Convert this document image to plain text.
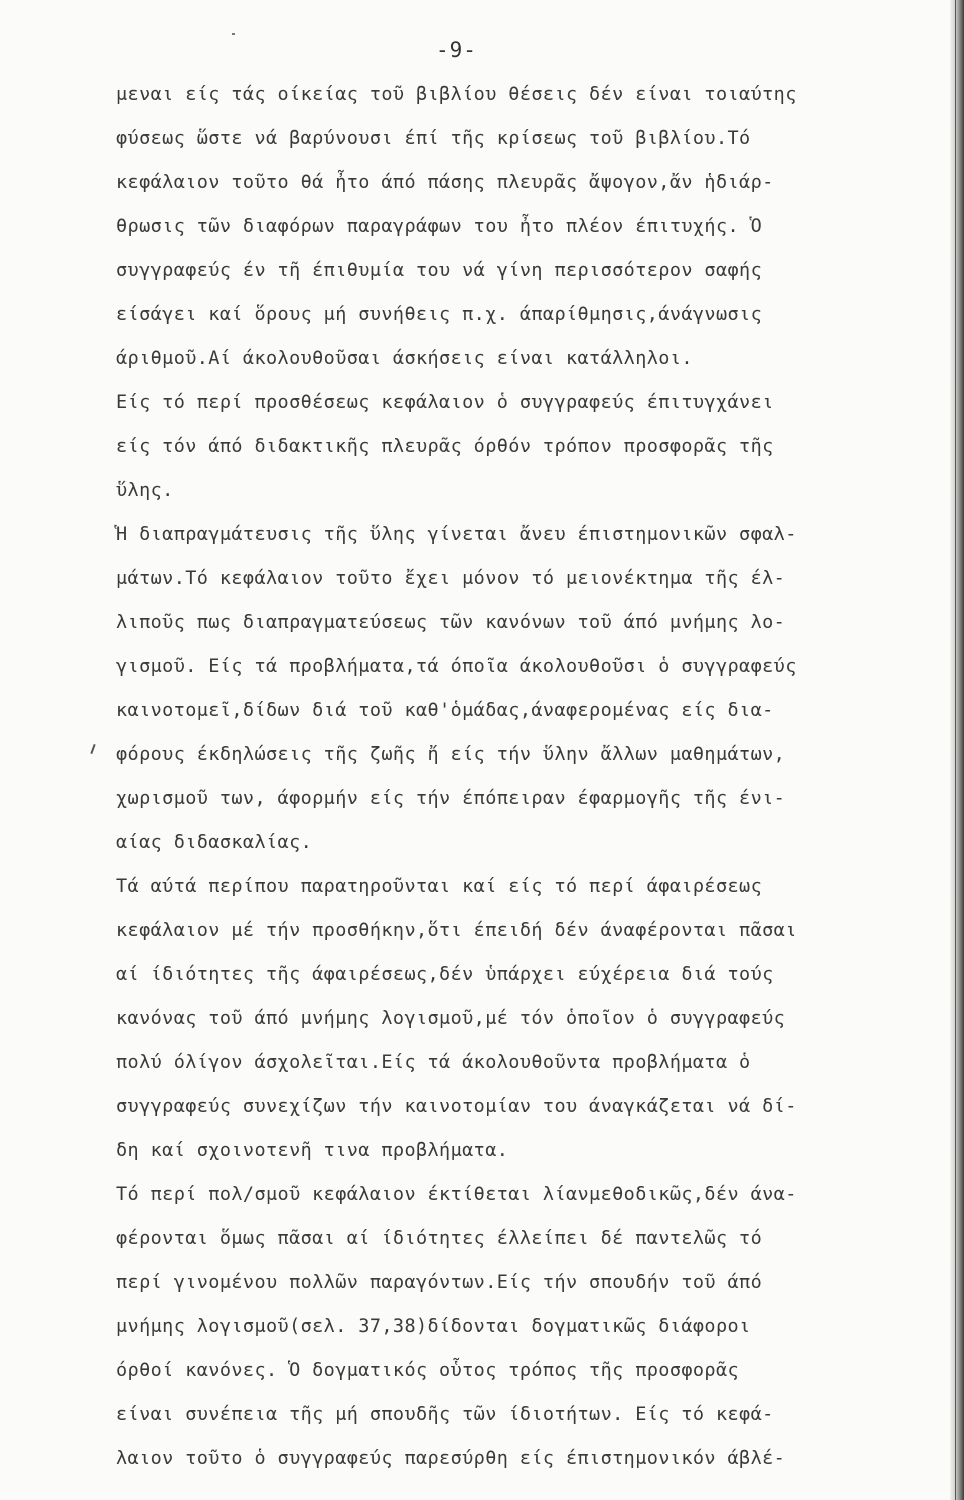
-9-
μεναι είς τάς οίκείας τοῦ βιβλίου θέσεις δέν είναι τοιαύτης
φύσεως ὥστε νά βαρύνουσι έπί τῆς κρίσεως τοῦ βιβλίου.Τό
κεφάλαιον τοῦτο θά ἦτο άπό πάσης πλευρᾶς ἄψογον,ἄν ἡδιάρ-
θρωσις τῶν διαφόρων παραγράφων του ἦτο πλέον έπιτυχής. Ὁ
συγγραφεύς έν τῆ έπιθυμία του νά γίνη περισσότερον σαφής
είσάγει καί ὅρους μή συνήθεις π.χ. άπαρίθμησις,άνάγνωσις
άριθμοῦ.Αί άκολουθοῦσαι άσκήσεις είναι κατάλληλοι.
Είς τό περί προσθέσεως κεφάλαιον ὁ συγγραφεύς έπιτυγχάνει
είς τόν άπό διδακτικῆς πλευρᾶς όρθόν τρόπον προσφορᾶς τῆς
ὕλης.
Ἡ διαπραγμάτευσις τῆς ὕλης γίνεται ἄνευ έπιστημονικῶν σφαλ-
μάτων.Τό κεφάλαιον τοῦτο ἔχει μόνον τό μειονέκτημα τῆς έλ-
λιποῦς πως διαπραγματεύσεως τῶν κανόνων τοῦ άπό μνήμης λο-
γισμοῦ. Είς τά προβλήματα,τά όποῖα άκολουθοῦσι ὁ συγγραφεύς
καινοτομεῖ,δίδων διά τοῦ καθ'ὁμάδας,άναφερομένας είς δια-
φόρους έκδηλώσεις τῆς ζωῆς ἤ είς τήν ὕλην ἄλλων μαθημάτων,
χωρισμοῦ των, άφορμήν είς τήν έπόπειραν έφαρμογῆς τῆς ένι-
αίας διδασκαλίας.
Τά αύτά περίπου παρατηροῦνται καί είς τό περί άφαιρέσεως
κεφάλαιον μέ τήν προσθήκην,ὅτι έπειδή δέν άναφέρονται πᾶσαι
αί ίδιότητες τῆς άφαιρέσεως,δέν ὑπάρχει εύχέρεια διά τούς
κανόνας τοῦ άπό μνήμης λογισμοῦ,μέ τόν ὁποῖον ὁ συγγραφεύς
πολύ όλίγον άσχολεῖται.Είς τά άκολουθοῦντα προβλήματα ὁ
συγγραφεύς συνεχίζων τήν καινοτομίαν του άναγκάζεται νά δί-
δη καί σχοινοτενῆ τινα προβλήματα.
Τό περί πολ/σμοῦ κεφάλαιον έκτίθεται λίανμεθοδικῶς,δέν άνα-
φέρονται ὅμως πᾶσαι αί ίδιότητες έλλείπει δέ παντελῶς τό
περί γινομένου πολλῶν παραγόντων.Είς τήν σπουδήν τοῦ άπό
μνήμης λογισμοῦ(σελ. 37,38)δίδονται δογματικῶς διάφοροι
όρθοί κανόνες. Ὁ δογματικός οὗτος τρόπος τῆς προσφορᾶς
είναι συνέπεια τῆς μή σπουδῆς τῶν ίδιοτήτων. Είς τό κεφά-
λαιον τοῦτο ὁ συγγραφεύς παρεσύρθη είς έπιστημονικόν άβλέ-
